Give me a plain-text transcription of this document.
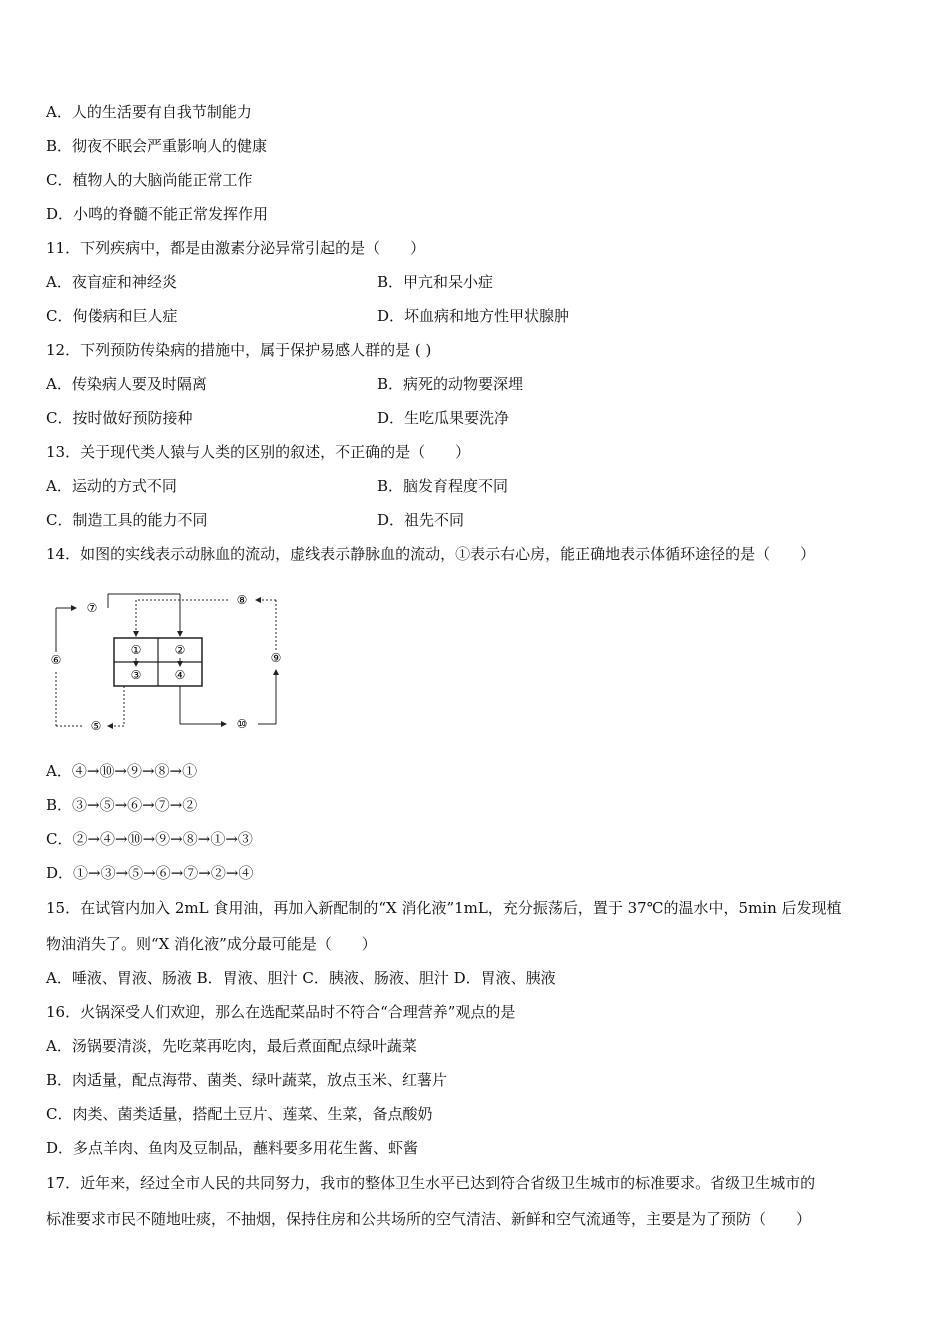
A．人的生活要有自我节制能力
B．彻夜不眠会严重影响人的健康
C．植物人的大脑尚能正常工作
D．小鸣的脊髓不能正常发挥作用
11．下列疾病中，都是由激素分泌异常引起的是（　　）
A．夜盲症和神经炎	B．甲亢和呆小症
C．佝偻病和巨人症	D．坏血病和地方性甲状腺肿
12．下列预防传染病的措施中，属于保护易感人群的是 ( )
A．传染病人要及时隔离	B．病死的动物要深埋
C．按时做好预防接种	D．生吃瓜果要洗净
13．关于现代类人猿与人类的区别的叙述，不正确的是（　　）
A．运动的方式不同	B．脑发育程度不同
C．制造工具的能力不同	D．祖先不同
14．如图的实线表示动脉血的流动，虚线表示静脉血的流动，①表示右心房，能正确地表示体循环途径的是（　　）
①	②
③	④
⑤
⑥
⑦
⑩
⑨
⑧
A．④→⑩→⑨→⑧→①
B．③→⑤→⑥→⑦→②
C．②→④→⑩→⑨→⑧→①→③
D．①→③→⑤→⑥→⑦→②→④
15．在试管内加入 2mL 食用油，再加入新配制的“X 消化液”1mL，充分振荡后，置于 37℃的温水中，5min 后发现植
物油消失了。则“X 消化液”成分最可能是（　　）
A．唾液、胃液、肠液 B．胃液、胆汁 C．胰液、肠液、胆汁 D．胃液、胰液
16．火锅深受人们欢迎，那么在选配菜品时不符合“合理营养”观点的是
A．汤锅要清淡，先吃菜再吃肉，最后煮面配点绿叶蔬菜
B．肉适量，配点海带、菌类、绿叶蔬菜，放点玉米、红薯片
C．肉类、菌类适量，搭配土豆片、莲菜、生菜，备点酸奶
D．多点羊肉、鱼肉及豆制品，蘸料要多用花生酱、虾酱
17．近年来，经过全市人民的共同努力，我市的整体卫生水平已达到符合省级卫生城市的标准要求。省级卫生城市的
标准要求市民不随地吐痰，不抽烟，保持住房和公共场所的空气清洁、新鲜和空气流通等，主要是为了预防（　　）
